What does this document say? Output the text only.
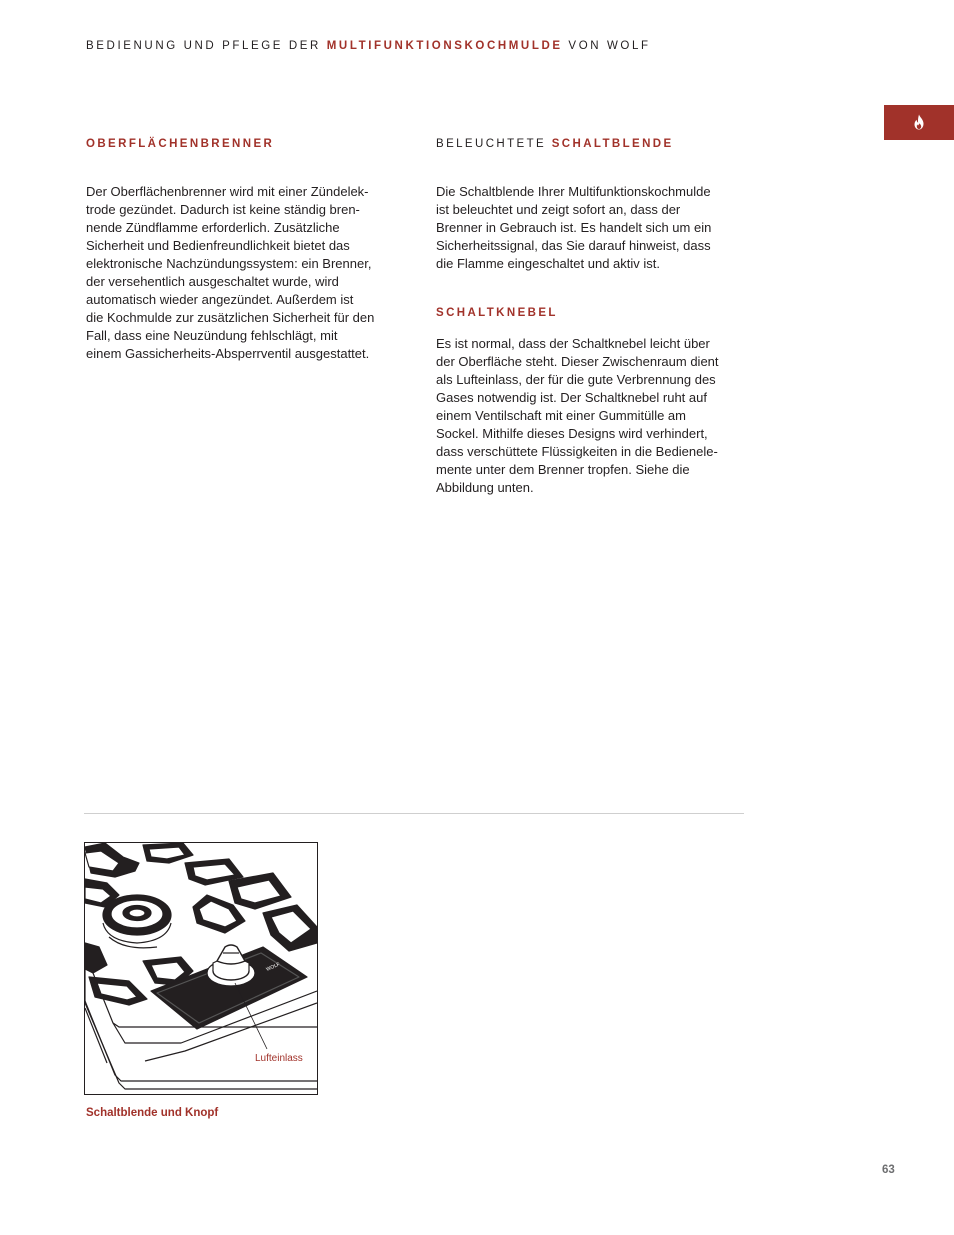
BEDIENUNG UND PFLEGE DER MULTIFUNKTIONSKOCHMULDE VON WOLF
OBERFLÄCHENBRENNER

Der Oberflächenbrenner wird mit einer Zündelek-
trode gezündet. Dadurch ist keine ständig bren-
nende Zündflamme erforderlich. Zusätzliche
Sicherheit und Bedienfreundlichkeit bietet das
elektronische Nachzündungssystem: ein Brenner,
der versehentlich ausgeschaltet wurde, wird
automatisch wieder angezündet. Außerdem ist
die Kochmulde zur zusätzlichen Sicherheit für den
Fall, dass eine Neuzündung fehlschlägt, mit
einem Gassicherheits-Absperrventil ausgestattet.

BELEUCHTETE SCHALTBLENDE

Die Schaltblende Ihrer Multifunktionskochmulde
ist beleuchtet und zeigt sofort an, dass der
Brenner in Gebrauch ist. Es handelt sich um ein
Sicherheitssignal, das Sie darauf hinweist, dass
die Flamme eingeschaltet und aktiv ist.

SCHALTKNEBEL

Es ist normal, dass der Schaltknebel leicht über
der Oberfläche steht. Dieser Zwischenraum dient
als Lufteinlass, der für die gute Verbrennung des
Gases notwendig ist. Der Schaltknebel ruht auf
einem Ventilschaft mit einer Gummitülle am
Sockel. Mithilfe dieses Designs wird verhindert,
dass verschüttete Flüssigkeiten in die Bedienele-
mente unter dem Brenner tropfen. Siehe die
Abbildung unten.

WOLF
Lufteinlass
Schaltblende und Knopf
63
